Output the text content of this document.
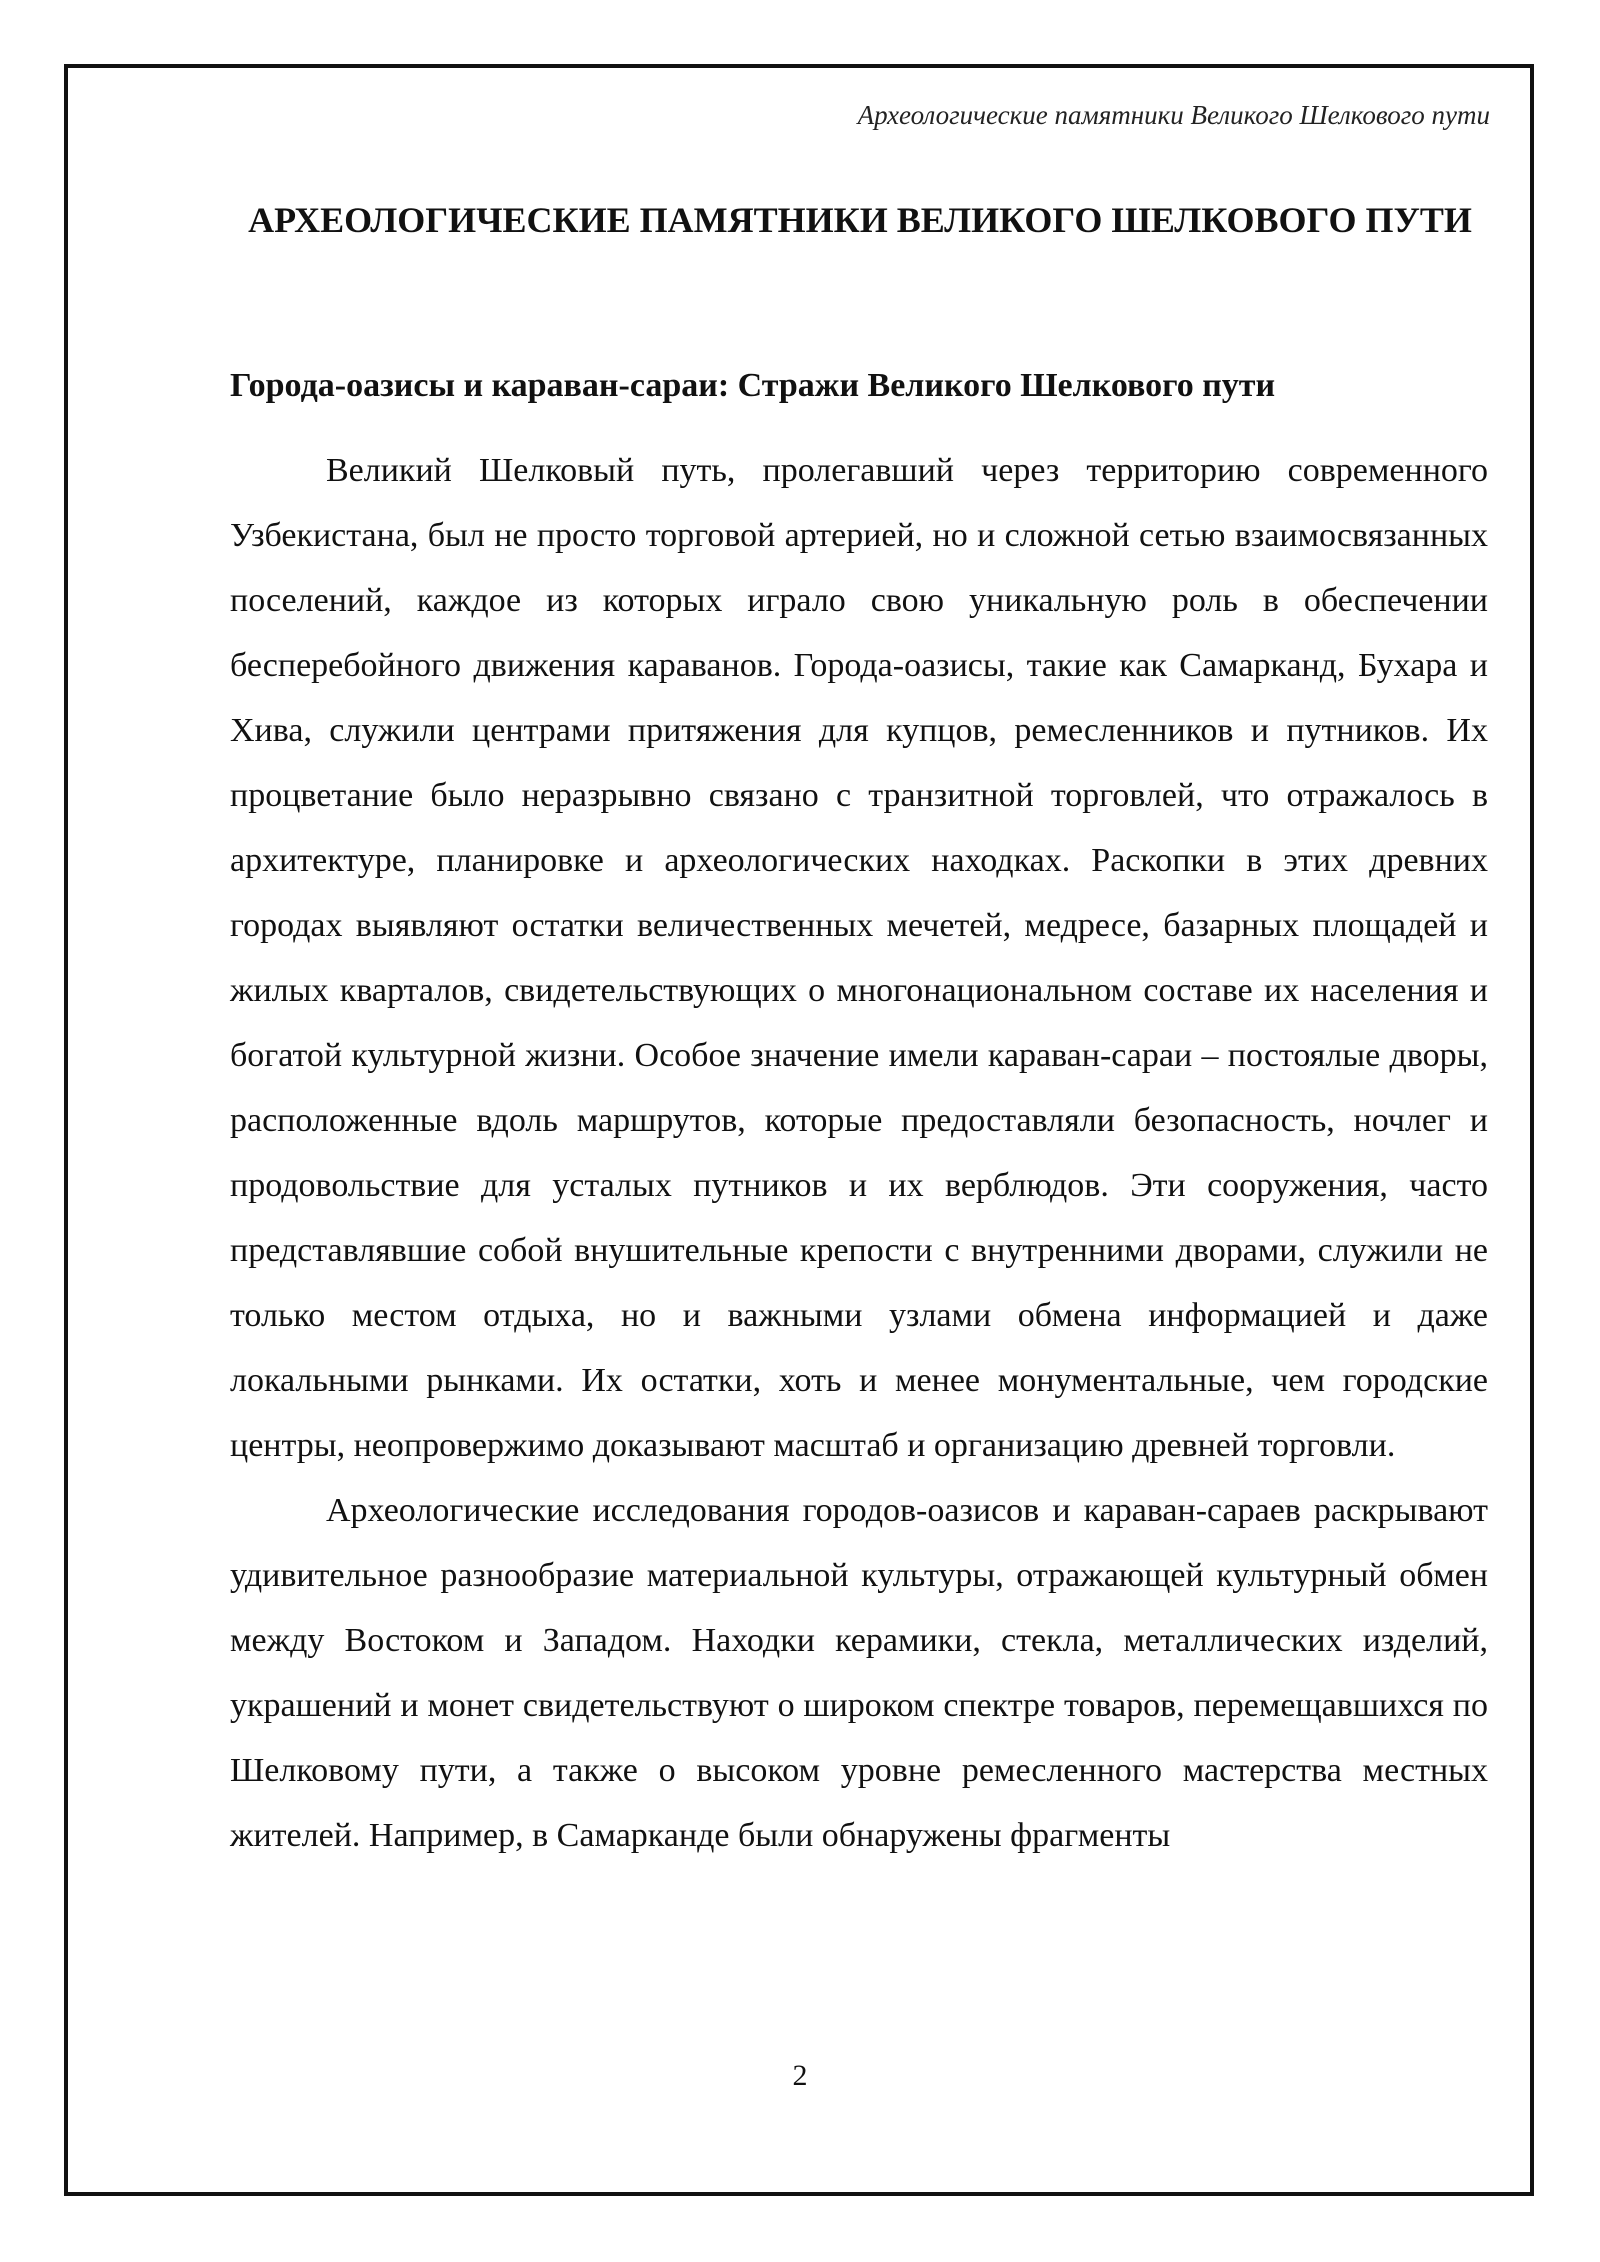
Археологические памятники Великого Шелкового пути
АРХЕОЛОГИЧЕСКИЕ ПАМЯТНИКИ ВЕЛИКОГО ШЕЛКОВОГО ПУТИ
Города-оазисы и караван-сараи: Стражи Великого Шелкового пути

Великий Шелковый путь, пролегавший через территорию современного Узбекистана, был не просто торговой артерией, но и сложной сетью взаимосвязанных поселений, каждое из которых играло свою уникальную роль в обеспечении бесперебойного движения караванов. Города-оазисы, такие как Самарканд, Бухара и Хива, служили центрами притяжения для купцов, ремесленников и путников. Их процветание было неразрывно связано с транзитной торговлей, что отражалось в архитектуре, планировке и археологических находках. Раскопки в этих древних городах выявляют остатки величественных мечетей, медресе, базарных площадей и жилых кварталов, свидетельствующих о многонациональном составе их населения и богатой культурной жизни. Особое значение имели караван-сараи – постоялые дворы, расположенные вдоль маршрутов, которые предоставляли безопасность, ночлег и продовольствие для усталых путников и их верблюдов. Эти сооружения, часто представлявшие собой внушительные крепости с внутренними дворами, служили не только местом отдыха, но и важными узлами обмена информацией и даже локальными рынками. Их остатки, хоть и менее монументальные, чем городские центры, неопровержимо доказывают масштаб и организацию древней торговли.

Археологические исследования городов-оазисов и караван-сараев раскрывают удивительное разнообразие материальной культуры, отражающей культурный обмен между Востоком и Западом. Находки керамики, стекла, металлических изделий, украшений и монет свидетельствуют о широком спектре товаров, перемещавшихся по Шелковому пути, а также о высоком уровне ремесленного мастерства местных жителей. Например, в Самарканде были обнаружены фрагменты

2
